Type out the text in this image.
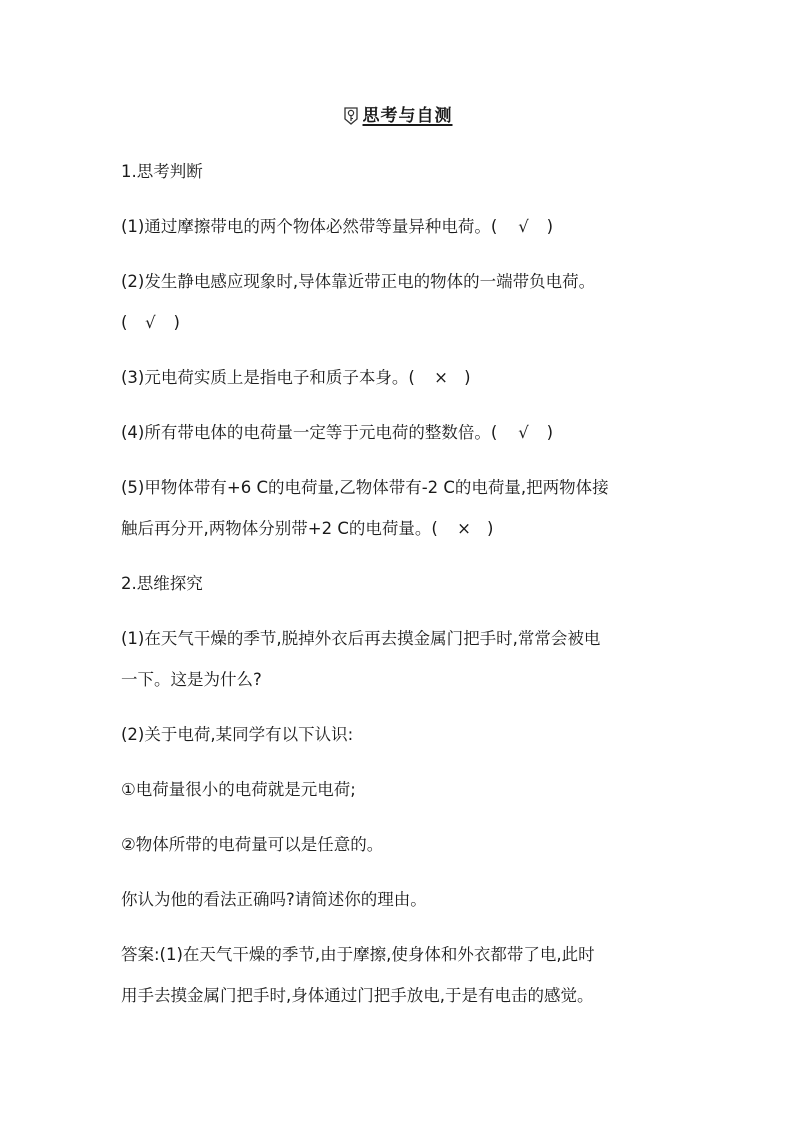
思考与自测
1.思考判断
(1)通过摩擦带电的两个物体必然带等量异种电荷。( √ )
(2)发生静电感应现象时,导体靠近带正电的物体的一端带负电荷。
( √ )
(3)元电荷实质上是指电子和质子本身。( × )
(4)所有带电体的电荷量一定等于元电荷的整数倍。( √ )
(5)甲物体带有+6 C的电荷量,乙物体带有-2 C的电荷量,把两物体接
触后再分开,两物体分别带+2 C的电荷量。( × )
2.思维探究
(1)在天气干燥的季节,脱掉外衣后再去摸金属门把手时,常常会被电
一下。这是为什么?
(2)关于电荷,某同学有以下认识:
①电荷量很小的电荷就是元电荷;
②物体所带的电荷量可以是任意的。
你认为他的看法正确吗?请简述你的理由。
答案:(1)在天气干燥的季节,由于摩擦,使身体和外衣都带了电,此时
用手去摸金属门把手时,身体通过门把手放电,于是有电击的感觉。
